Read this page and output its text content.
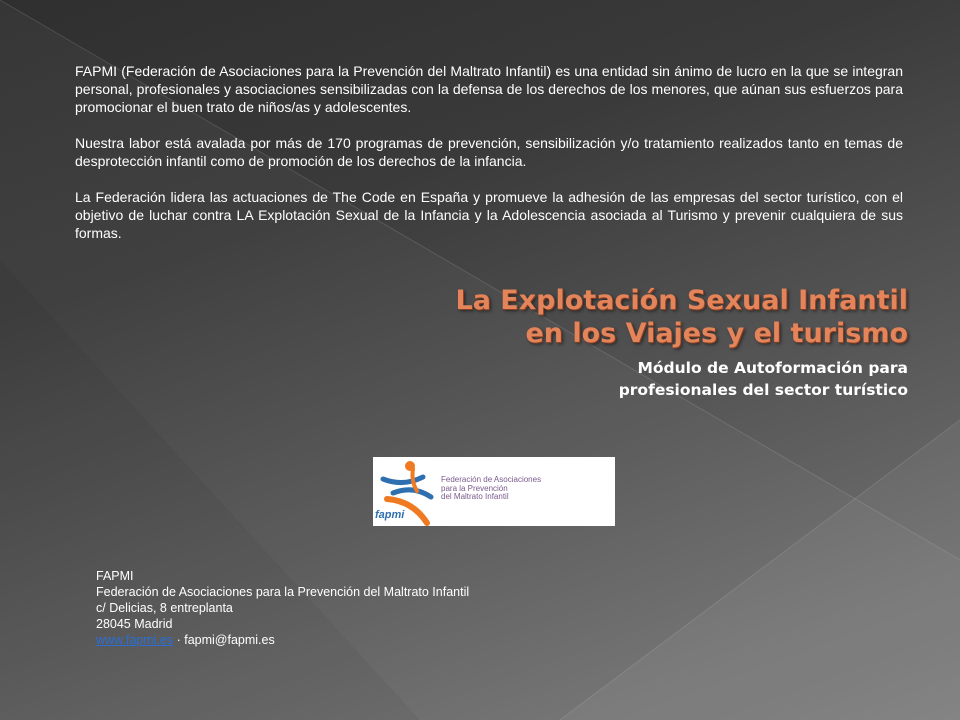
FAPMI (Federación de Asociaciones para la Prevención del Maltrato Infantil) es una entidad sin ánimo de lucro en la que se integran personal, profesionales y asociaciones sensibilizadas con la defensa de los derechos de los menores, que aúnan sus esfuerzos para promocionar el buen trato de niños/as y adolescentes.

Nuestra labor está avalada por más de 170 programas de prevención, sensibilización y/o tratamiento realizados tanto en temas de desprotección infantil como de promoción de los derechos de la infancia.

La Federación lidera las actuaciones de The Code en España y promueve la adhesión de las empresas del sector turístico, con el objetivo de luchar contra LA Explotación Sexual de la Infancia y la Adolescencia asociada al Turismo y prevenir cualquiera de sus formas.

La Explotación Sexual Infantil
en los Viajes y el turismo
Módulo de Autoformación para
profesionales del sector turístico
Federación de Asociaciones
para la Prevención
del Maltrato Infantil
fapmi
FAPMI
Federación de Asociaciones para la Prevención del Maltrato Infantil
c/ Delicias, 8 entreplanta
28045 Madrid
www.fapmi.es · fapmi@fapmi.es
